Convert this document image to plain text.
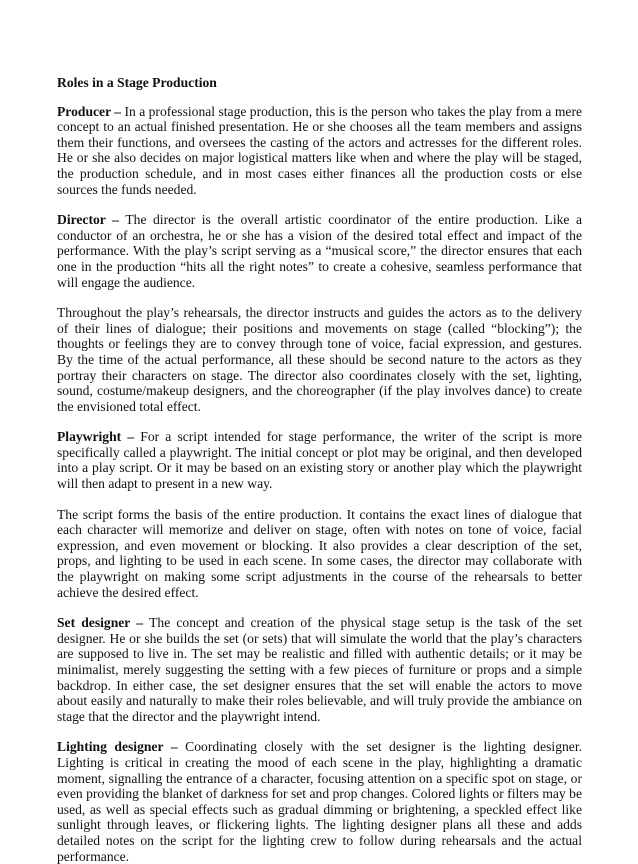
Roles in a Stage Production

Producer – In a professional stage production, this is the person who takes the play from a mere concept to an actual finished presentation. He or she chooses all the team members and assigns them their functions, and oversees the casting of the actors and actresses for the different roles. He or she also decides on major logistical matters like when and where the play will be staged, the production schedule, and in most cases either finances all the production costs or else sources the funds needed.

Director – The director is the overall artistic coordinator of the entire production. Like a conductor of an orchestra, he or she has a vision of the desired total effect and impact of the performance. With the play’s script serving as a “musical score,” the director ensures that each one in the production “hits all the right notes” to create a cohesive, seamless performance that will engage the audience.

Throughout the play’s rehearsals, the director instructs and guides the actors as to the delivery of their lines of dialogue; their positions and movements on stage (called “blocking”); the thoughts or feelings they are to convey through tone of voice, facial expression, and gestures. By the time of the actual performance, all these should be second nature to the actors as they portray their characters on stage. The director also coordinates closely with the set, lighting, sound, costume/makeup designers, and the choreographer (if the play involves dance) to create the envisioned total effect.

Playwright – For a script intended for stage performance, the writer of the script is more specifically called a playwright. The initial concept or plot may be original, and then developed into a play script. Or it may be based on an existing story or another play which the playwright will then adapt to present in a new way.

The script forms the basis of the entire production. It contains the exact lines of dialogue that each character will memorize and deliver on stage, often with notes on tone of voice, facial expression, and even movement or blocking. It also provides a clear description of the set, props, and lighting to be used in each scene. In some cases, the director may collaborate with the playwright on making some script adjustments in the course of the rehearsals to better achieve the desired effect.

Set designer – The concept and creation of the physical stage setup is the task of the set designer. He or she builds the set (or sets) that will simulate the world that the play’s characters are supposed to live in. The set may be realistic and filled with authentic details; or it may be minimalist, merely suggesting the setting with a few pieces of furniture or props and a simple backdrop. In either case, the set designer ensures that the set will enable the actors to move about easily and naturally to make their roles believable, and will truly provide the ambiance on stage that the director and the playwright intend.

Lighting designer – Coordinating closely with the set designer is the lighting designer. Lighting is critical in creating the mood of each scene in the play, highlighting a dramatic moment, signalling the entrance of a character, focusing attention on a specific spot on stage, or even providing the blanket of darkness for set and prop changes. Colored lights or filters may be used, as well as special effects such as gradual dimming or brightening, a speckled effect like sunlight through leaves, or flickering lights. The lighting designer plans all these and adds detailed notes on the script for the lighting crew to follow during rehearsals and the actual performance.
